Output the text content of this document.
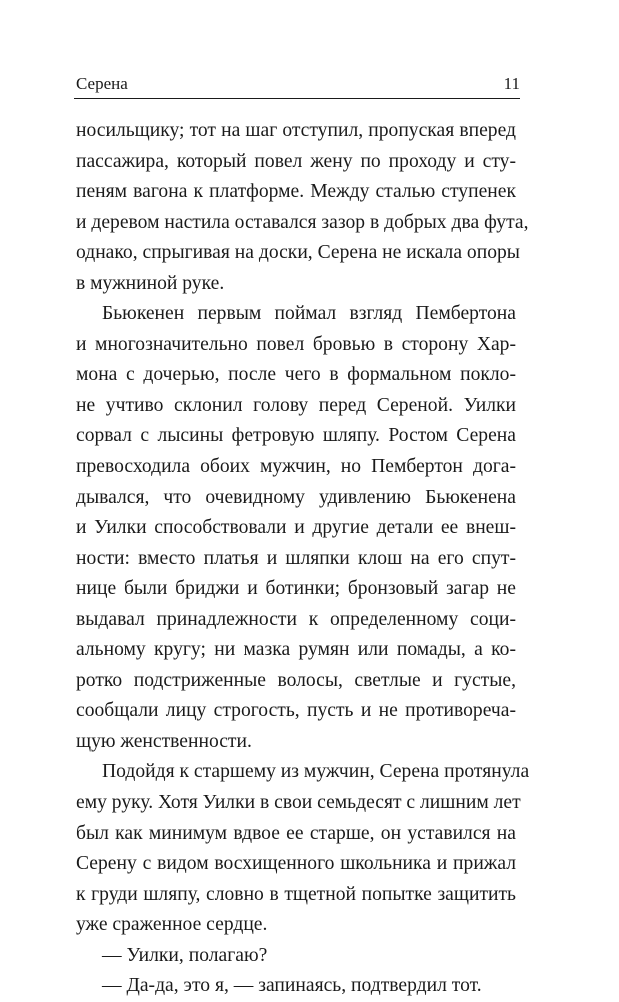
Серена	11
носильщику; тот на шаг отступил, пропуская вперед
пассажира, который повел жену по проходу и сту-
пеням вагона к платформе. Между сталью ступенек
и деревом настила оставался зазор в добрых два фута,
однако, спрыгивая на доски, Серена не искала опоры
в мужниной руке.
Бьюкенен первым поймал взгляд Пембертона
и многозначительно повел бровью в сторону Хар-
мона с дочерью, после чего в формальном покло-
не учтиво склонил голову перед Сереной. Уилки
сорвал с лысины фетровую шляпу. Ростом Серена
превосходила обоих мужчин, но Пембертон дога-
дывался, что очевидному удивлению Бьюкенена
и Уилки способствовали и другие детали ее внеш-
ности: вместо платья и шляпки клош на его спут-
нице были бриджи и ботинки; бронзовый загар не
выдавал принадлежности к определенному соци-
альному кругу; ни мазка румян или помады, а ко-
ротко подстриженные волосы, светлые и густые,
сообщали лицу строгость, пусть и не противореча-
щую женственности.
Подойдя к старшему из мужчин, Серена протянула
ему руку. Хотя Уилки в свои семьдесят с лишним лет
был как минимум вдвое ее старше, он уставился на
Серену с видом восхищенного школьника и прижал
к груди шляпу, словно в тщетной попытке защитить
уже сраженное сердце.
— Уилки, полагаю?
— Да-да, это я, — запинаясь, подтвердил тот.
